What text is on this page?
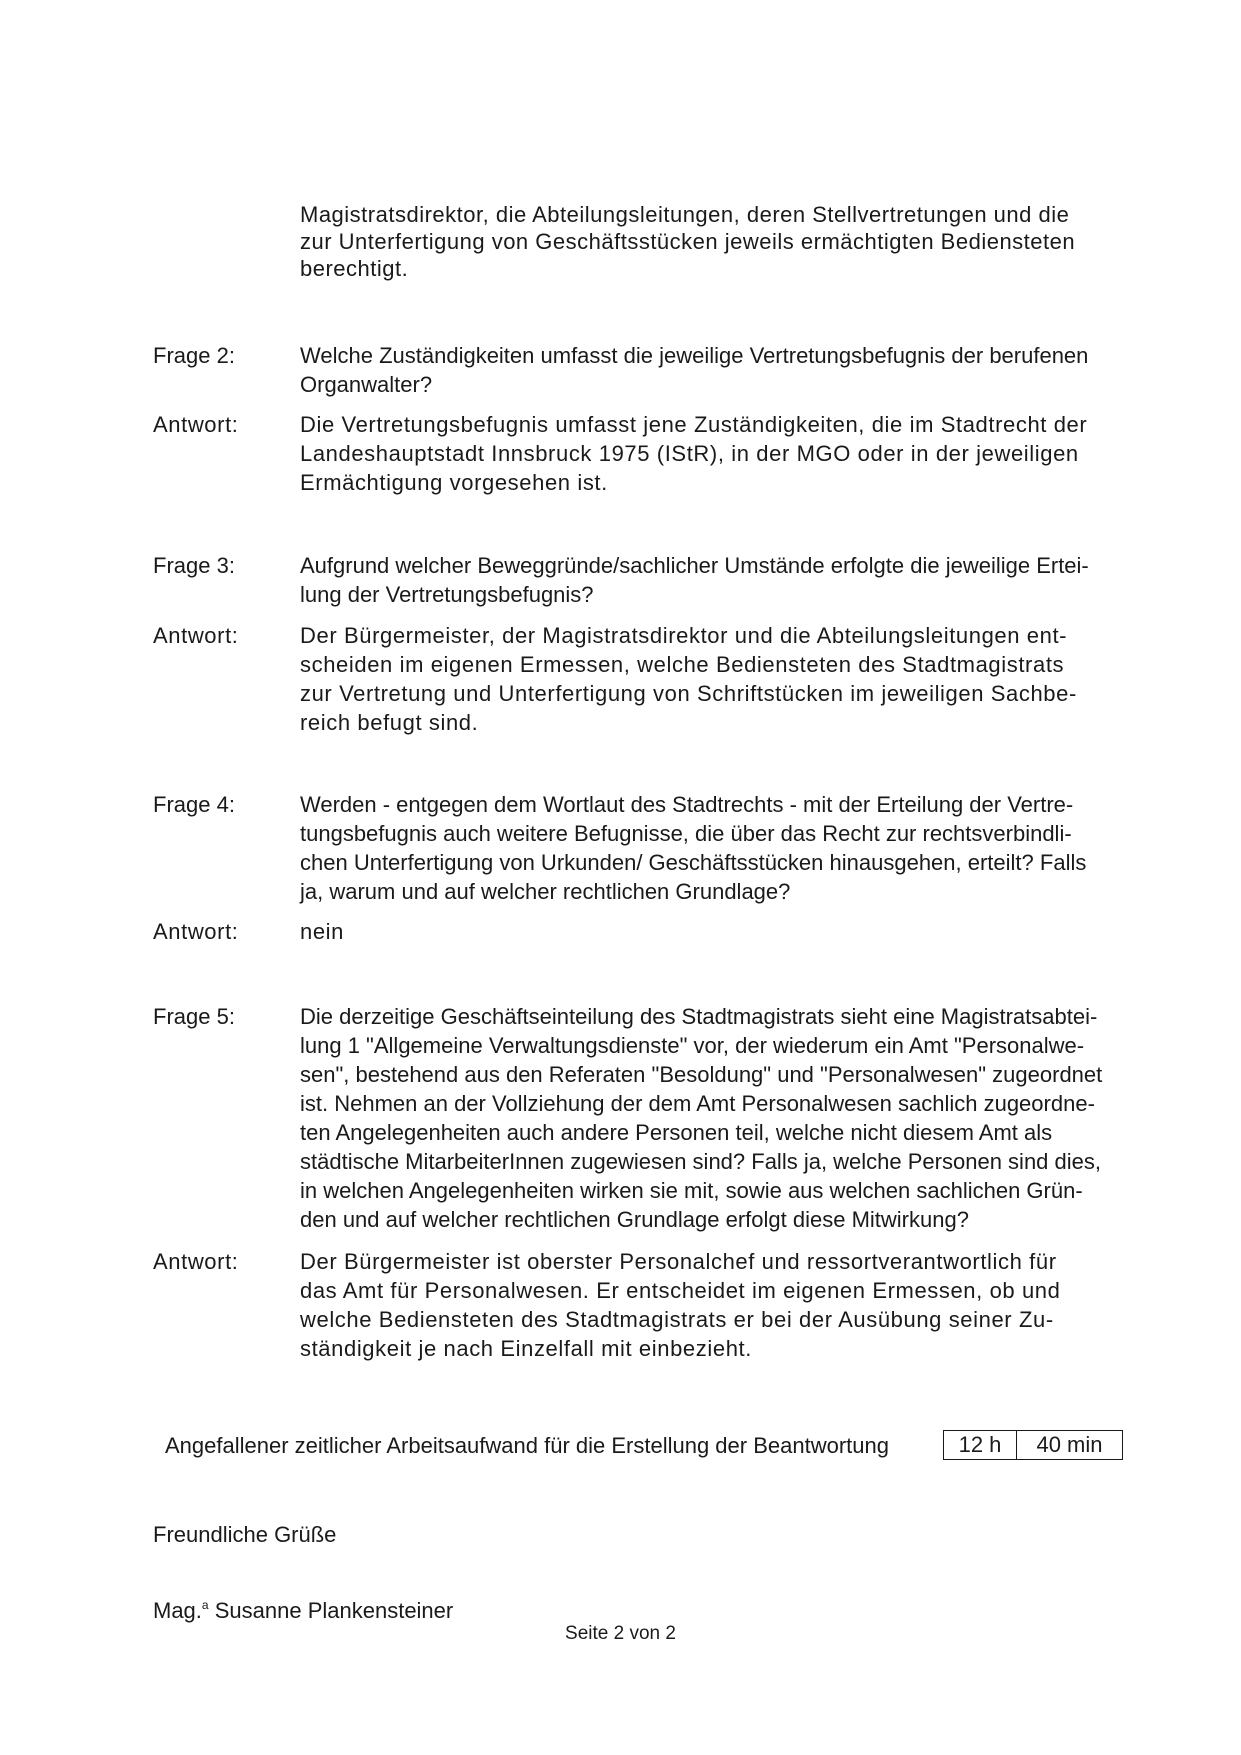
Magistratsdirektor, die Abteilungsleitungen, deren Stellvertretungen und die
zur Unterfertigung von Geschäftsstücken jeweils ermächtigten Bediensteten
berechtigt.
Frage 2:	Welche Zuständigkeiten umfasst die jeweilige Vertretungsbefugnis der berufenen
Organwalter?
Antwort:	Die Vertretungsbefugnis umfasst jene Zuständigkeiten, die im Stadtrecht der
Landeshauptstadt Innsbruck 1975 (IStR), in der MGO oder in der jeweiligen
Ermächtigung vorgesehen ist.
Frage 3:	Aufgrund welcher Beweggründe/sachlicher Umstände erfolgte die jeweilige Ertei-
lung der Vertretungsbefugnis?
Antwort:	Der Bürgermeister, der Magistratsdirektor und die Abteilungsleitungen ent-
scheiden im eigenen Ermessen, welche Bediensteten des Stadtmagistrats
zur Vertretung und Unterfertigung von Schriftstücken im jeweiligen Sachbe-
reich befugt sind.
Frage 4:	Werden - entgegen dem Wortlaut des Stadtrechts - mit der Erteilung der Vertre-
tungsbefugnis auch weitere Befugnisse, die über das Recht zur rechtsverbindli-
chen Unterfertigung von Urkunden/ Geschäftsstücken hinausgehen, erteilt? Falls
ja, warum und auf welcher rechtlichen Grundlage?
Antwort:	nein
Frage 5:	Die derzeitige Geschäftseinteilung des Stadtmagistrats sieht eine Magistratsabtei-
lung 1 "Allgemeine Verwaltungsdienste" vor, der wiederum ein Amt "Personalwe-
sen", bestehend aus den Referaten "Besoldung" und "Personalwesen" zugeordnet
ist. Nehmen an der Vollziehung der dem Amt Personalwesen sachlich zugeordne-
ten Angelegenheiten auch andere Personen teil, welche nicht diesem Amt als
städtische MitarbeiterInnen zugewiesen sind? Falls ja, welche Personen sind dies,
in welchen Angelegenheiten wirken sie mit, sowie aus welchen sachlichen Grün-
den und auf welcher rechtlichen Grundlage erfolgt diese Mitwirkung?
Antwort:	Der Bürgermeister ist oberster Personalchef und ressortverantwortlich für
das Amt für Personalwesen. Er entscheidet im eigenen Ermessen, ob und
welche Bediensteten des Stadtmagistrats er bei der Ausübung seiner Zu-
ständigkeit je nach Einzelfall mit einbezieht.
Angefallener zeitlicher Arbeitsaufwand für die Erstellung der Beantwortung	12 h	40 min
Freundliche Grüße
Mag.$^a$ Susanne Plankensteiner
Seite 2 von 2
